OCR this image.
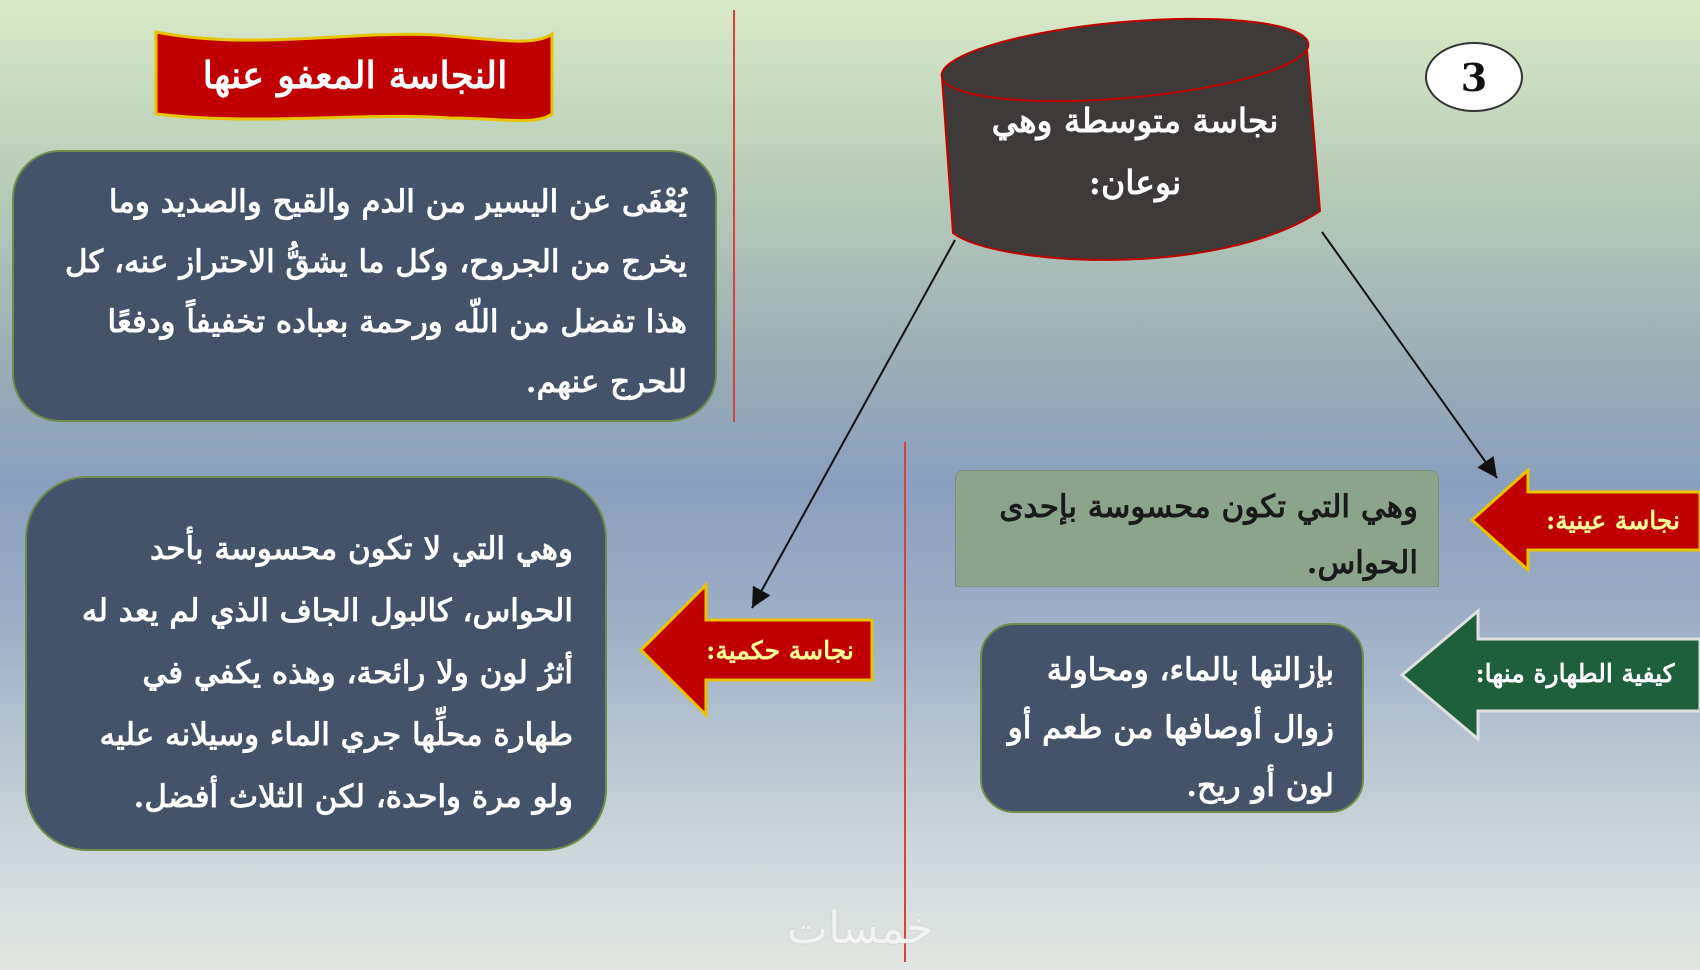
النجاسة المعفو عنها	3
نجاسة متوسطة وهي نوعان:
يُعْفَى عن اليسير من الدم والقيح والصديد وما يخرج من الجروح، وكل ما يشقُّ الاحتراز عنه، كل هذا تفضل من اللّه ورحمة بعباده تخفيفاً ودفعًا للحرج عنهم.
نجاسة عينية:
وهي التي تكون محسوسة بإحدى الحواس.
كيفية الطهارة منها:
بإزالتها بالماء، ومحاولة زوال أوصافها من طعم أو لون أو ريح.
نجاسة حكمية:
وهي التي لا تكون محسوسة بأحد الحواس، كالبول الجاف الذي لم يعد له أثرُ لون ولا رائحة، وهذه يكفي في طهارة محلِّها جري الماء وسيلانه عليه ولو مرة واحدة، لكن الثلاث أفضل.
خمسات
